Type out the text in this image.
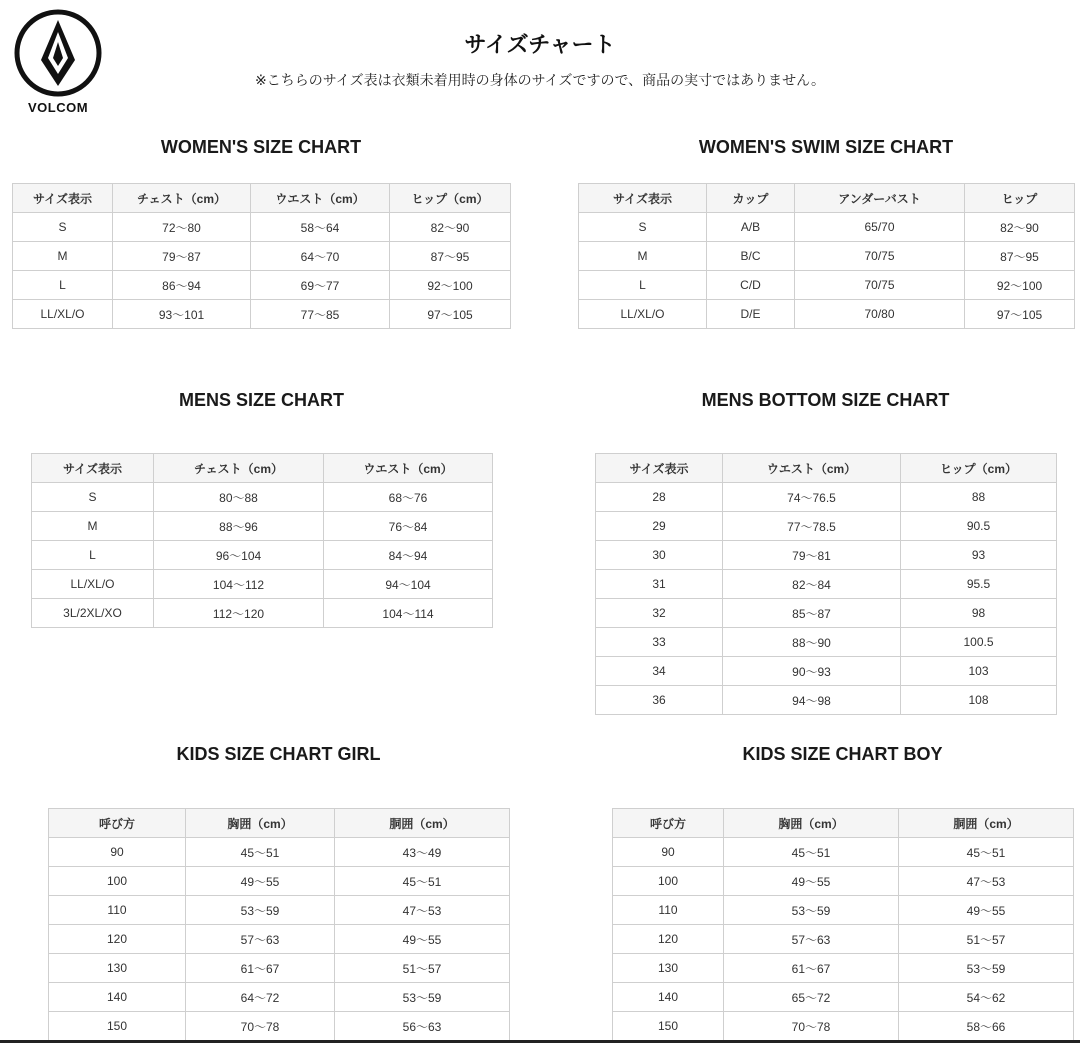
VOLCOM
サイズチャート
※こちらのサイズ表は衣類未着用時の身体のサイズですので、商品の実寸ではありません。
WOMEN'S SIZE CHART
サイズ表示	チェスト（cm）	ウエスト（cm）	ヒップ（cm）
S	72〜80	58〜64	82〜90
M	79〜87	64〜70	87〜95
L	86〜94	69〜77	92〜100
LL/XL/O	93〜101	77〜85	97〜105
WOMEN'S SWIM SIZE CHART
サイズ表示	カップ	アンダーバスト	ヒップ
S	A/B	65/70	82〜90
M	B/C	70/75	87〜95
L	C/D	70/75	92〜100
LL/XL/O	D/E	70/80	97〜105
MENS SIZE CHART
サイズ表示	チェスト（cm）	ウエスト（cm）
S	80〜88	68〜76
M	88〜96	76〜84
L	96〜104	84〜94
LL/XL/O	104〜112	94〜104
3L/2XL/XO	112〜120	104〜114
MENS BOTTOM SIZE CHART
サイズ表示	ウエスト（cm）	ヒップ（cm）
28	74〜76.5	88
29	77〜78.5	90.5
30	79〜81	93
31	82〜84	95.5
32	85〜87	98
33	88〜90	100.5
34	90〜93	103
36	94〜98	108
KIDS SIZE CHART GIRL
呼び方	胸囲（cm）	胴囲（cm）
90	45〜51	43〜49
100	49〜55	45〜51
110	53〜59	47〜53
120	57〜63	49〜55
130	61〜67	51〜57
140	64〜72	53〜59
150	70〜78	56〜63
KIDS SIZE CHART BOY
呼び方	胸囲（cm）	胴囲（cm）
90	45〜51	45〜51
100	49〜55	47〜53
110	53〜59	49〜55
120	57〜63	51〜57
130	61〜67	53〜59
140	65〜72	54〜62
150	70〜78	58〜66
